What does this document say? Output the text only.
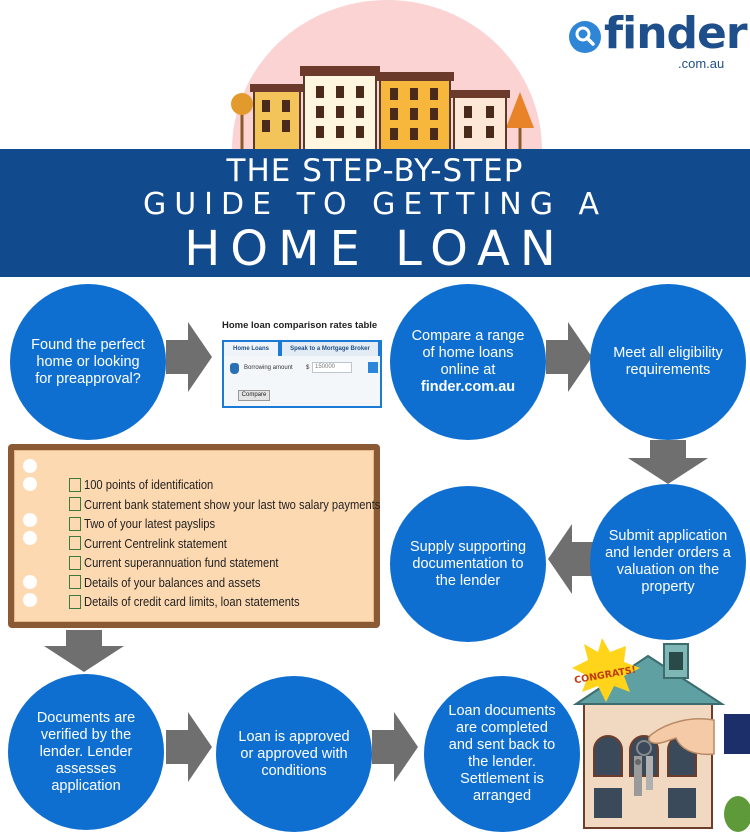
finder
.com.au
THE STEP-BY-STEP
GUIDE TO GETTING A
HOME LOAN
Found the perfect home or looking for preapproval?
Home loan comparison rates table
Home Loans	Speak to a Mortgage Broker
Borrowing amount $ 150000
Compare
Compare a range of home loans online at finder.com.au
Meet all eligibility requirements
100 points of identification
Current bank statement show your last two salary payments
Two of your latest payslips
Current Centrelink statement
Current superannuation fund statement
Details of your balances and assets
Details of credit card limits, loan statements
Supply supporting documentation to the lender
Submit application and lender orders a valuation on the property
Documents are verified by the lender. Lender assesses application
Loan is approved or approved with conditions
Loan documents are completed and sent back to the lender. Settlement is arranged
CONGRATS!
